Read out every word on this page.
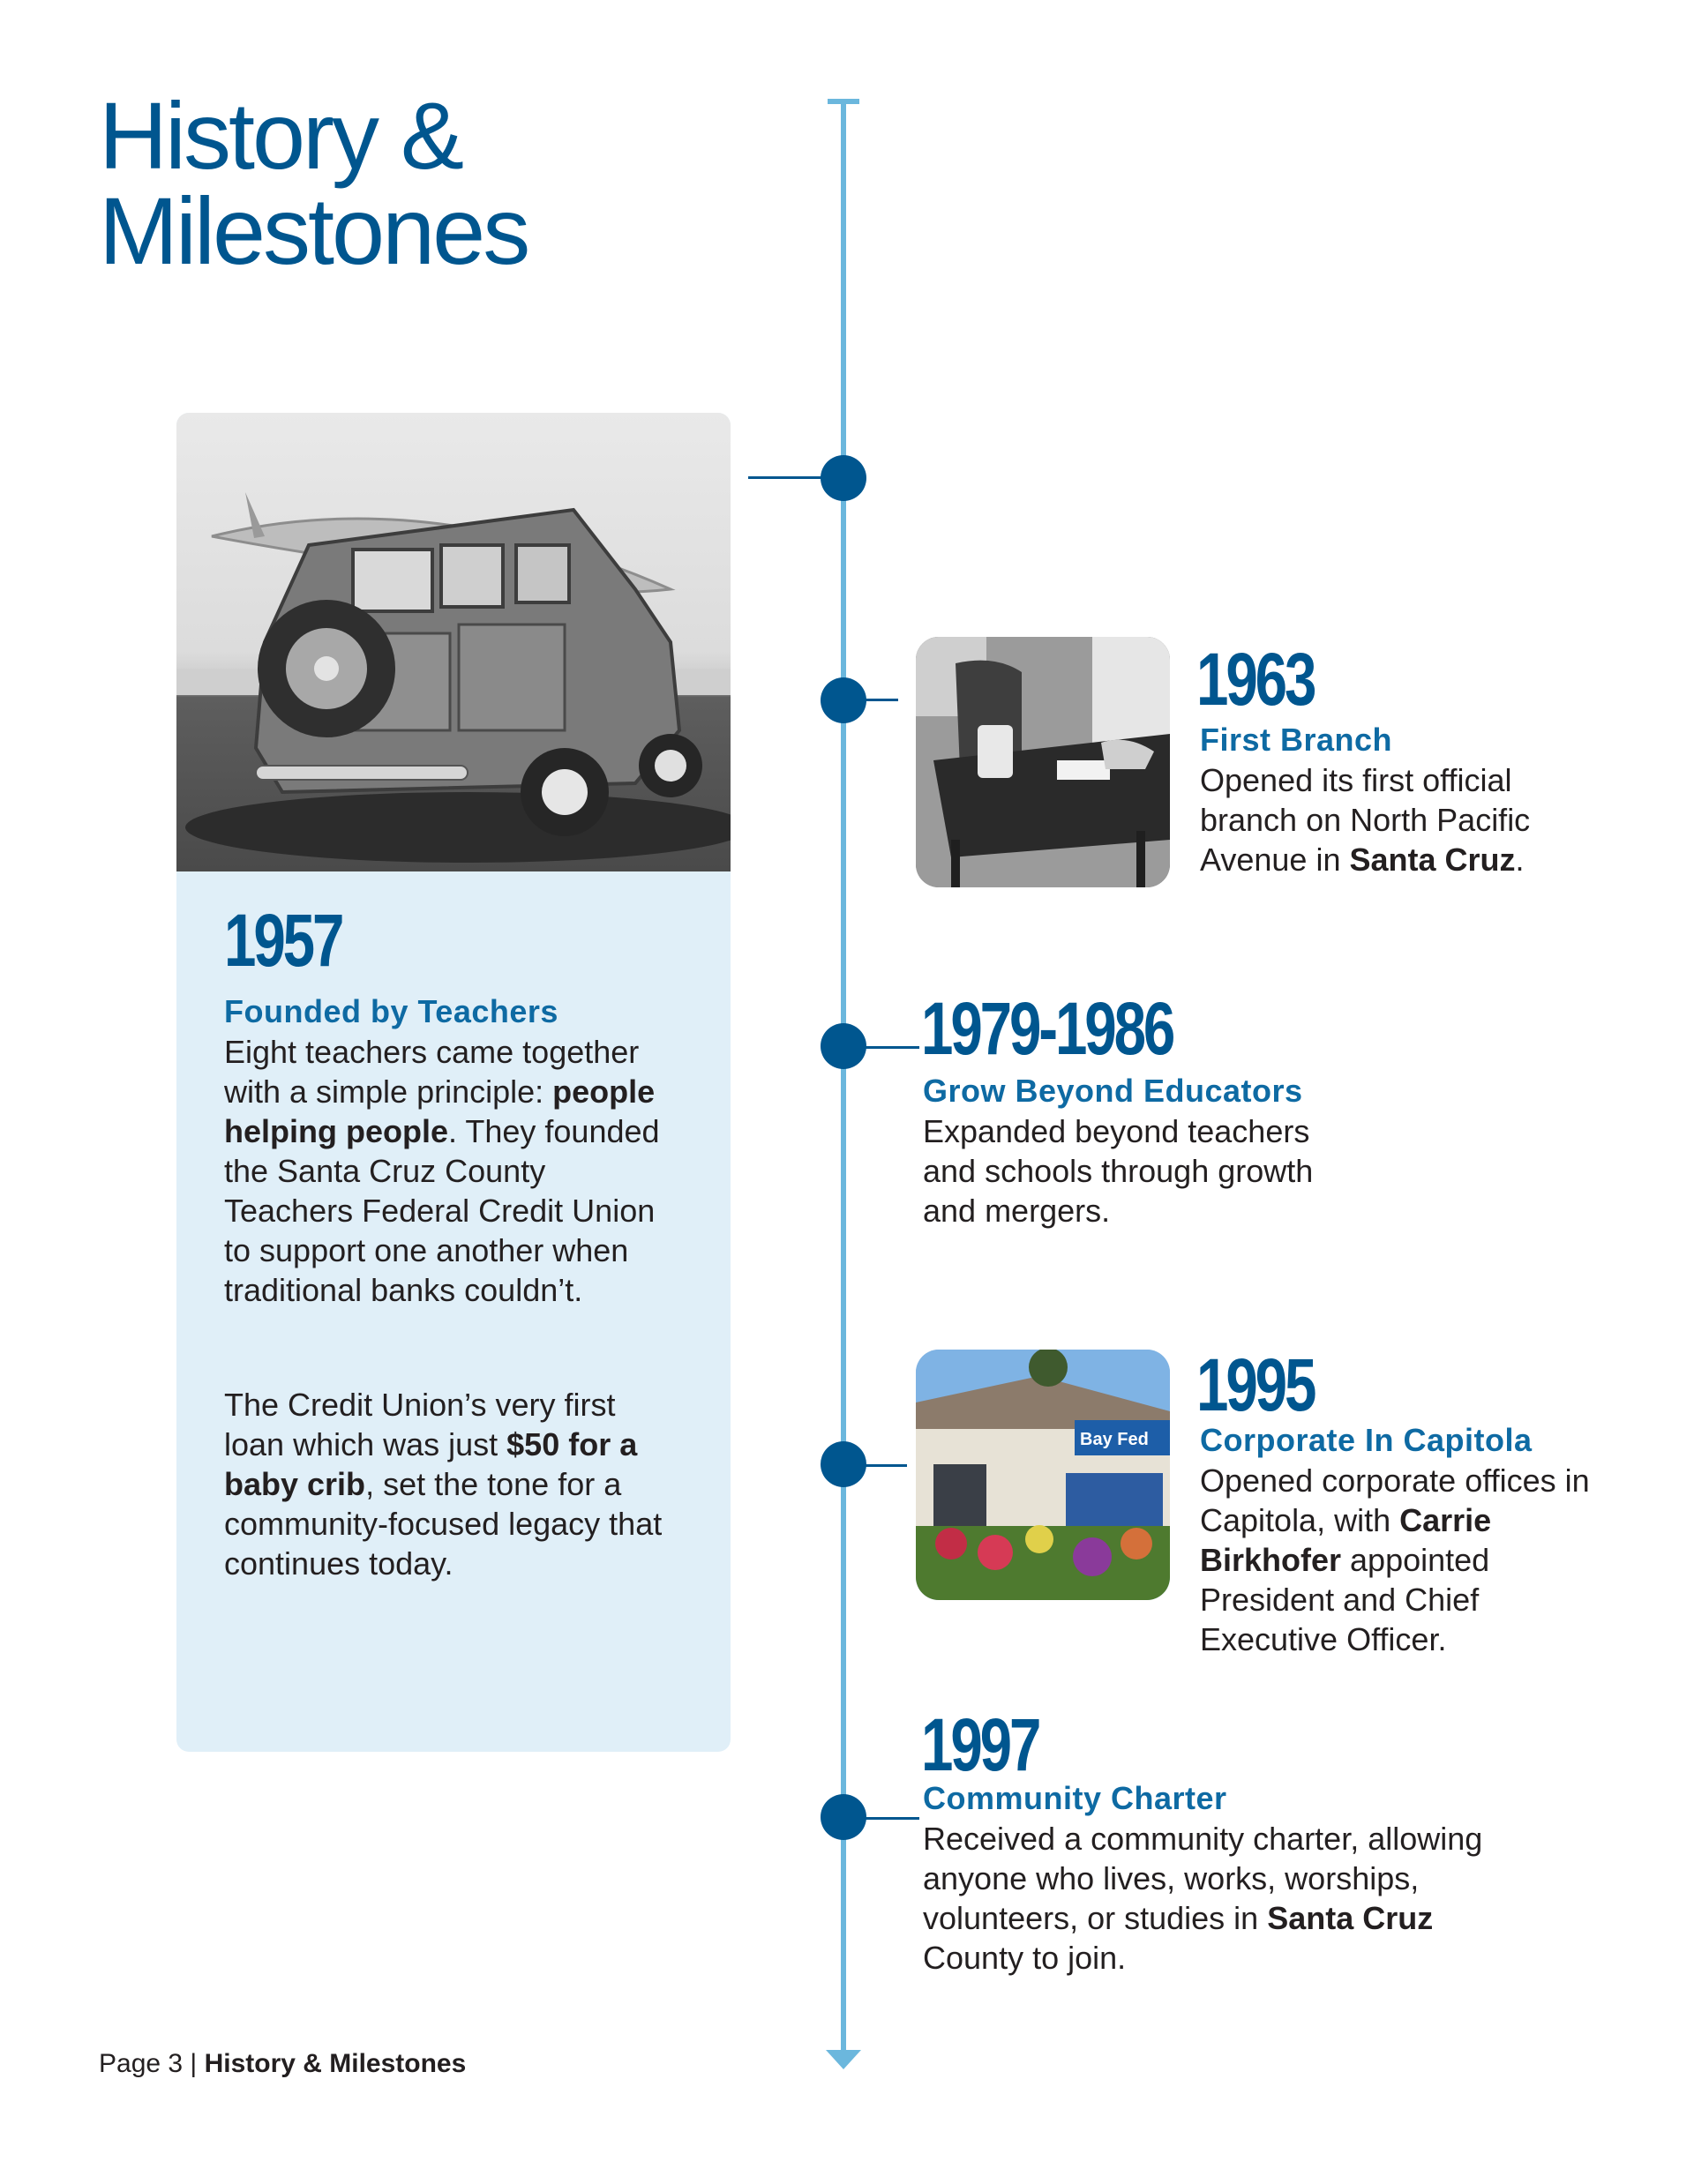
History &
Milestones
1957
Founded by Teachers
Eight teachers came together with a simple principle: people helping people. They founded the Santa Cruz County Teachers Federal Credit Union to support one another when traditional banks couldn’t.
The Credit Union’s very first loan which was just $50 for a baby crib, set the tone for a community-focused legacy that continues today.
1963
First Branch
Opened its first official branch on North Pacific Avenue in Santa Cruz.
1979-1986
Grow Beyond Educators
Expanded beyond teachers and schools through growth and mergers.
Bay Fed
1995
Corporate In Capitola
Opened corporate offices in Capitola, with Carrie Birkhofer appointed President and Chief Executive Officer.
1997
Community Charter
Received a community charter, allowing anyone who lives, works, worships, volunteers, or studies in Santa Cruz County to join.
Page 3 | History & Milestones
